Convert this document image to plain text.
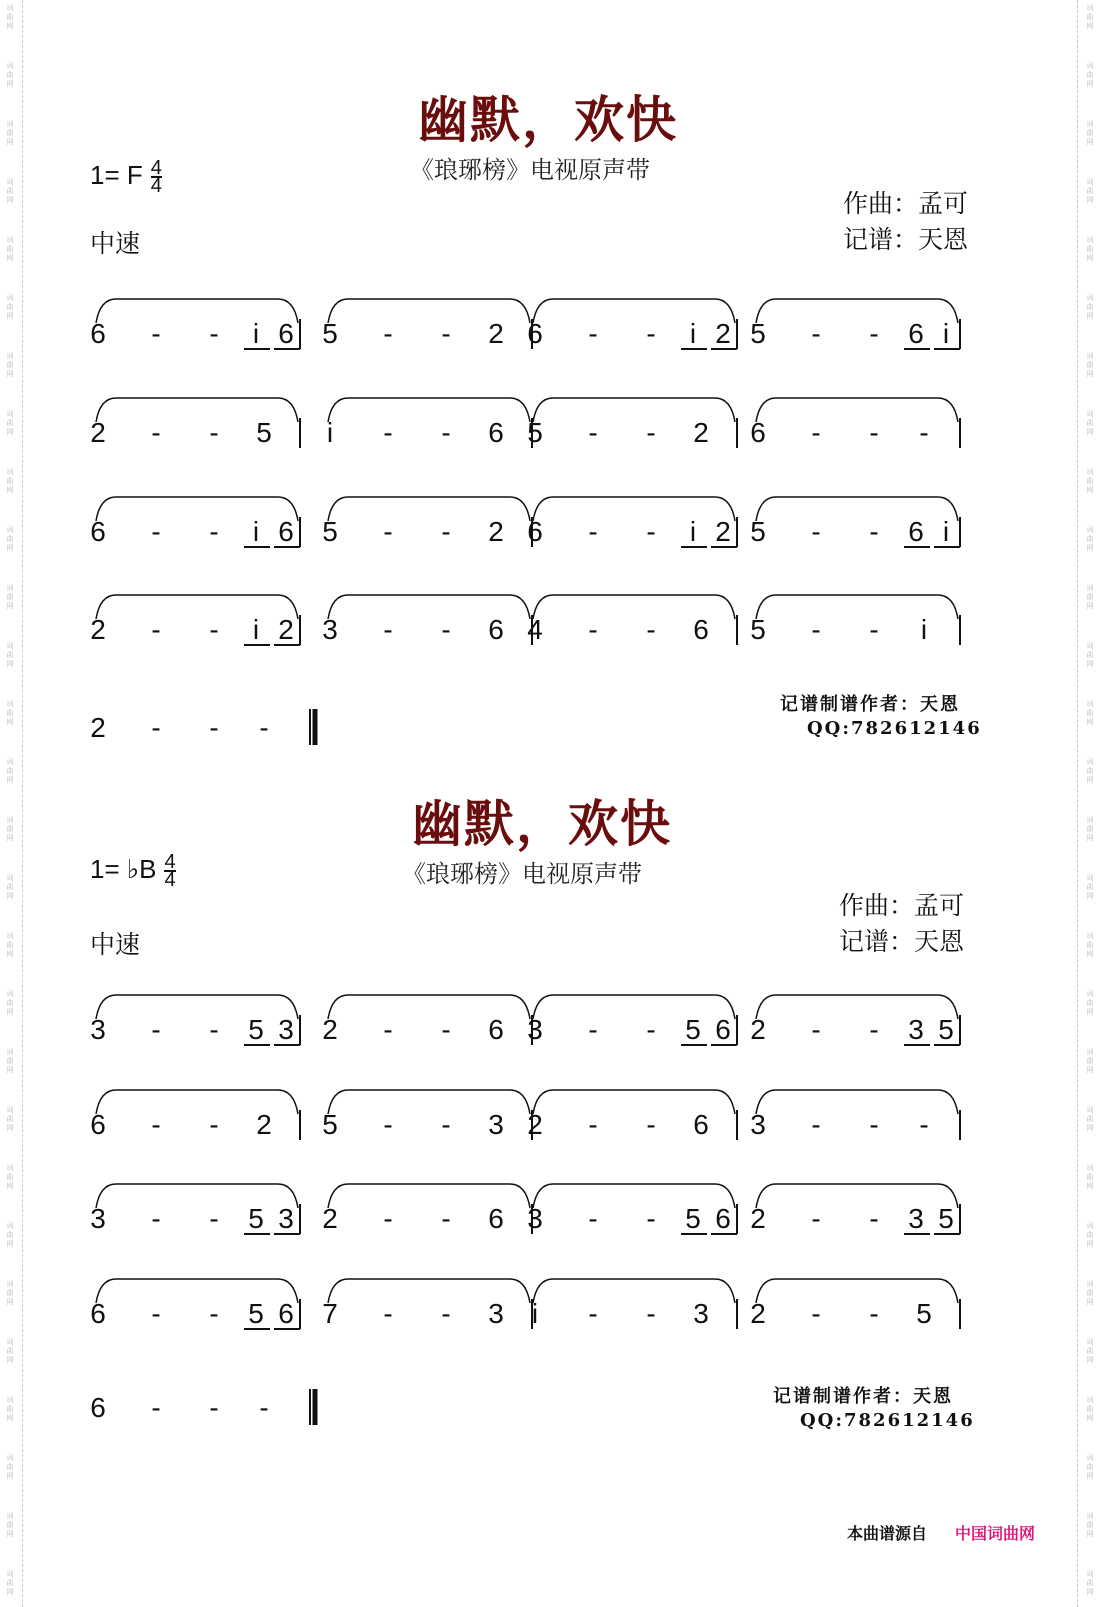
幽默，欢快
《琅琊榜》电视原声带
1= F $\frac{4}{4}$
中速
作曲：孟可
记谱：天恩
记谱制谱作者：天恩
QQ:782612146
幽默，欢快
《琅琊榜》电视原声带
1= ♭B $\frac{4}{4}$
中速
作曲：孟可
记谱：天恩
记谱制谱作者：天恩
QQ:782612146
6 - - i 6 5 - - 2 6 - - i 2 5 - - 6 i
2 - - 5 i - - 6 5 - - 2 6 - - -
6 - - i 6 5 - - 2 6 - - i 2 5 - - 6 i
2 - - i 2 3 - - 6 4 - - 6 5 - - i
2 - - -
3 - - 5 3 2 - - 6 3 - - 5 6 2 - - 3 5
6 - - 2 5 - - 3 2 - - 6 3 - - -
3 - - 5 3 2 - - 6 3 - - 5 6 2 - - 3 5
6 - - 5 6 7 - - 3 i - - 3 2 - - 5
6 - - -
本曲谱源自 中国词曲网
词
曲
网
词
曲
网
词
曲
网
词
曲
网
词
曲
网
词
曲
网
词
曲
网
词
曲
网
词
曲
网
词
曲
网
词
曲
网
词
曲
网
词
曲
网
词
曲
网
词
曲
网
词
曲
网
词
曲
网
词
曲
网
词
曲
网
词
曲
网
词
曲
网
词
曲
网
词
曲
网
词
曲
网
词
曲
网
词
曲
网
词
曲
网
词
曲
网
词
曲
网
词
曲
网
词
曲
网
词
曲
网
词
曲
网
词
曲
网
词
曲
网
词
曲
网
词
曲
网
词
曲
网
词
曲
网
词
曲
网
词
曲
网
词
曲
网
词
曲
网
词
曲
网
词
曲
网
词
曲
网
词
曲
网
词
曲
网
词
曲
网
词
曲
网
词
曲
网
词
曲
网
词
曲
网
词
曲
网
词
曲
网
词
曲
网
